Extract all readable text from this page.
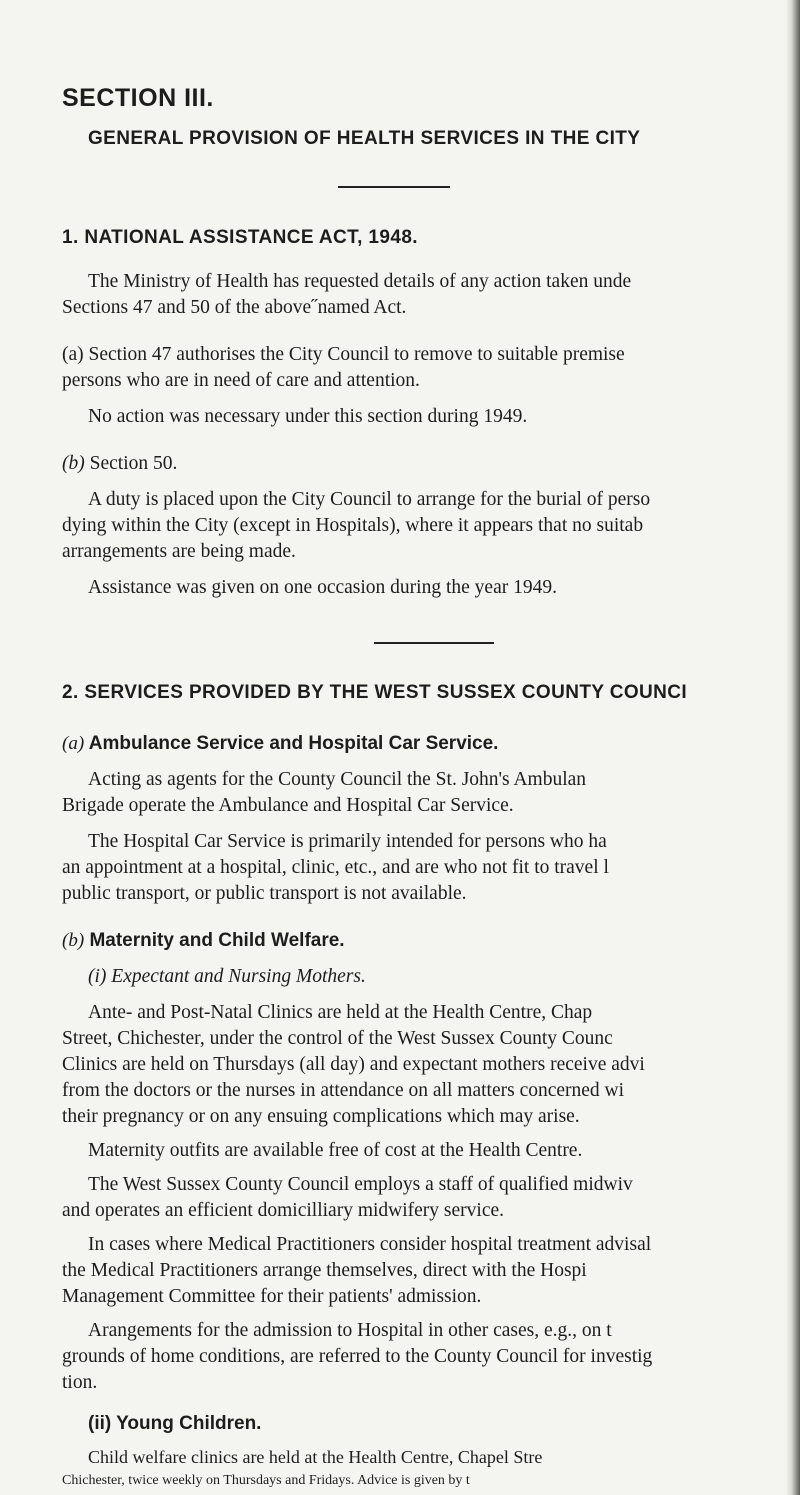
SECTION III.
GENERAL PROVISION OF HEALTH SERVICES IN THE CITY
1. NATIONAL ASSISTANCE ACT, 1948.
The Ministry of Health has requested details of any action taken undе
Sections 47 and 50 of the above˝named Act.
(a) Section 47 authorises the City Council to remove to suitable premise
persons who are in need of care and attention.
No action was necessary under this section during 1949.
(b) Section 50.
A duty is placed upon the City Council to arrange for the burial of perso
dying within the City (except in Hospitals), where it appears that no suitab
arrangements are being made.
Assistance was given on one occasion during the year 1949.
2. SERVICES PROVIDED BY THE WEST SUSSEX COUNTY COUNCI
(a) Ambulance Service and Hospital Car Service.
Acting as agents for the County Council the St. John's Ambulan
Brigade operate the Ambulance and Hospital Car Service.
The Hospital Car Service is primarily intended for persons who ha
an appointment at a hospital, clinic, etc., and are who not fit to travel l
public transport, or public transport is not available.
(b) Maternity and Child Welfare.
(i) Expectant and Nursing Mothers.
Ante- and Post-Natal Clinics are held at the Health Centre, Chap
Street, Chichester, under the control of the West Sussex County Counc
Clinics are held on Thursdays (all day) and expectant mothers receive advi
from the doctors or the nurses in attendance on all matters concerned wi
their pregnancy or on any ensuing complications which may arise.
Maternity outfits are available free of cost at the Health Centre.
The West Sussex County Council employs a staff of qualified midwiv
and operates an efficient domicilliary midwifery service.
In cases where Medical Practitioners consider hospital treatment advisal
the Medical Practitioners arrange themselves, direct with the Hospi
Management Committee for their patients' admission.
Arangements for the admission to Hospital in other cases, e.g., on t
grounds of home conditions, are referred to the County Council for investig
tion.
(ii) Young Children.
Child welfare clinics are held at the Health Centre, Chapel Stre
Chichester, twice weekly on Thursdays and Fridays. Advice is given by t
